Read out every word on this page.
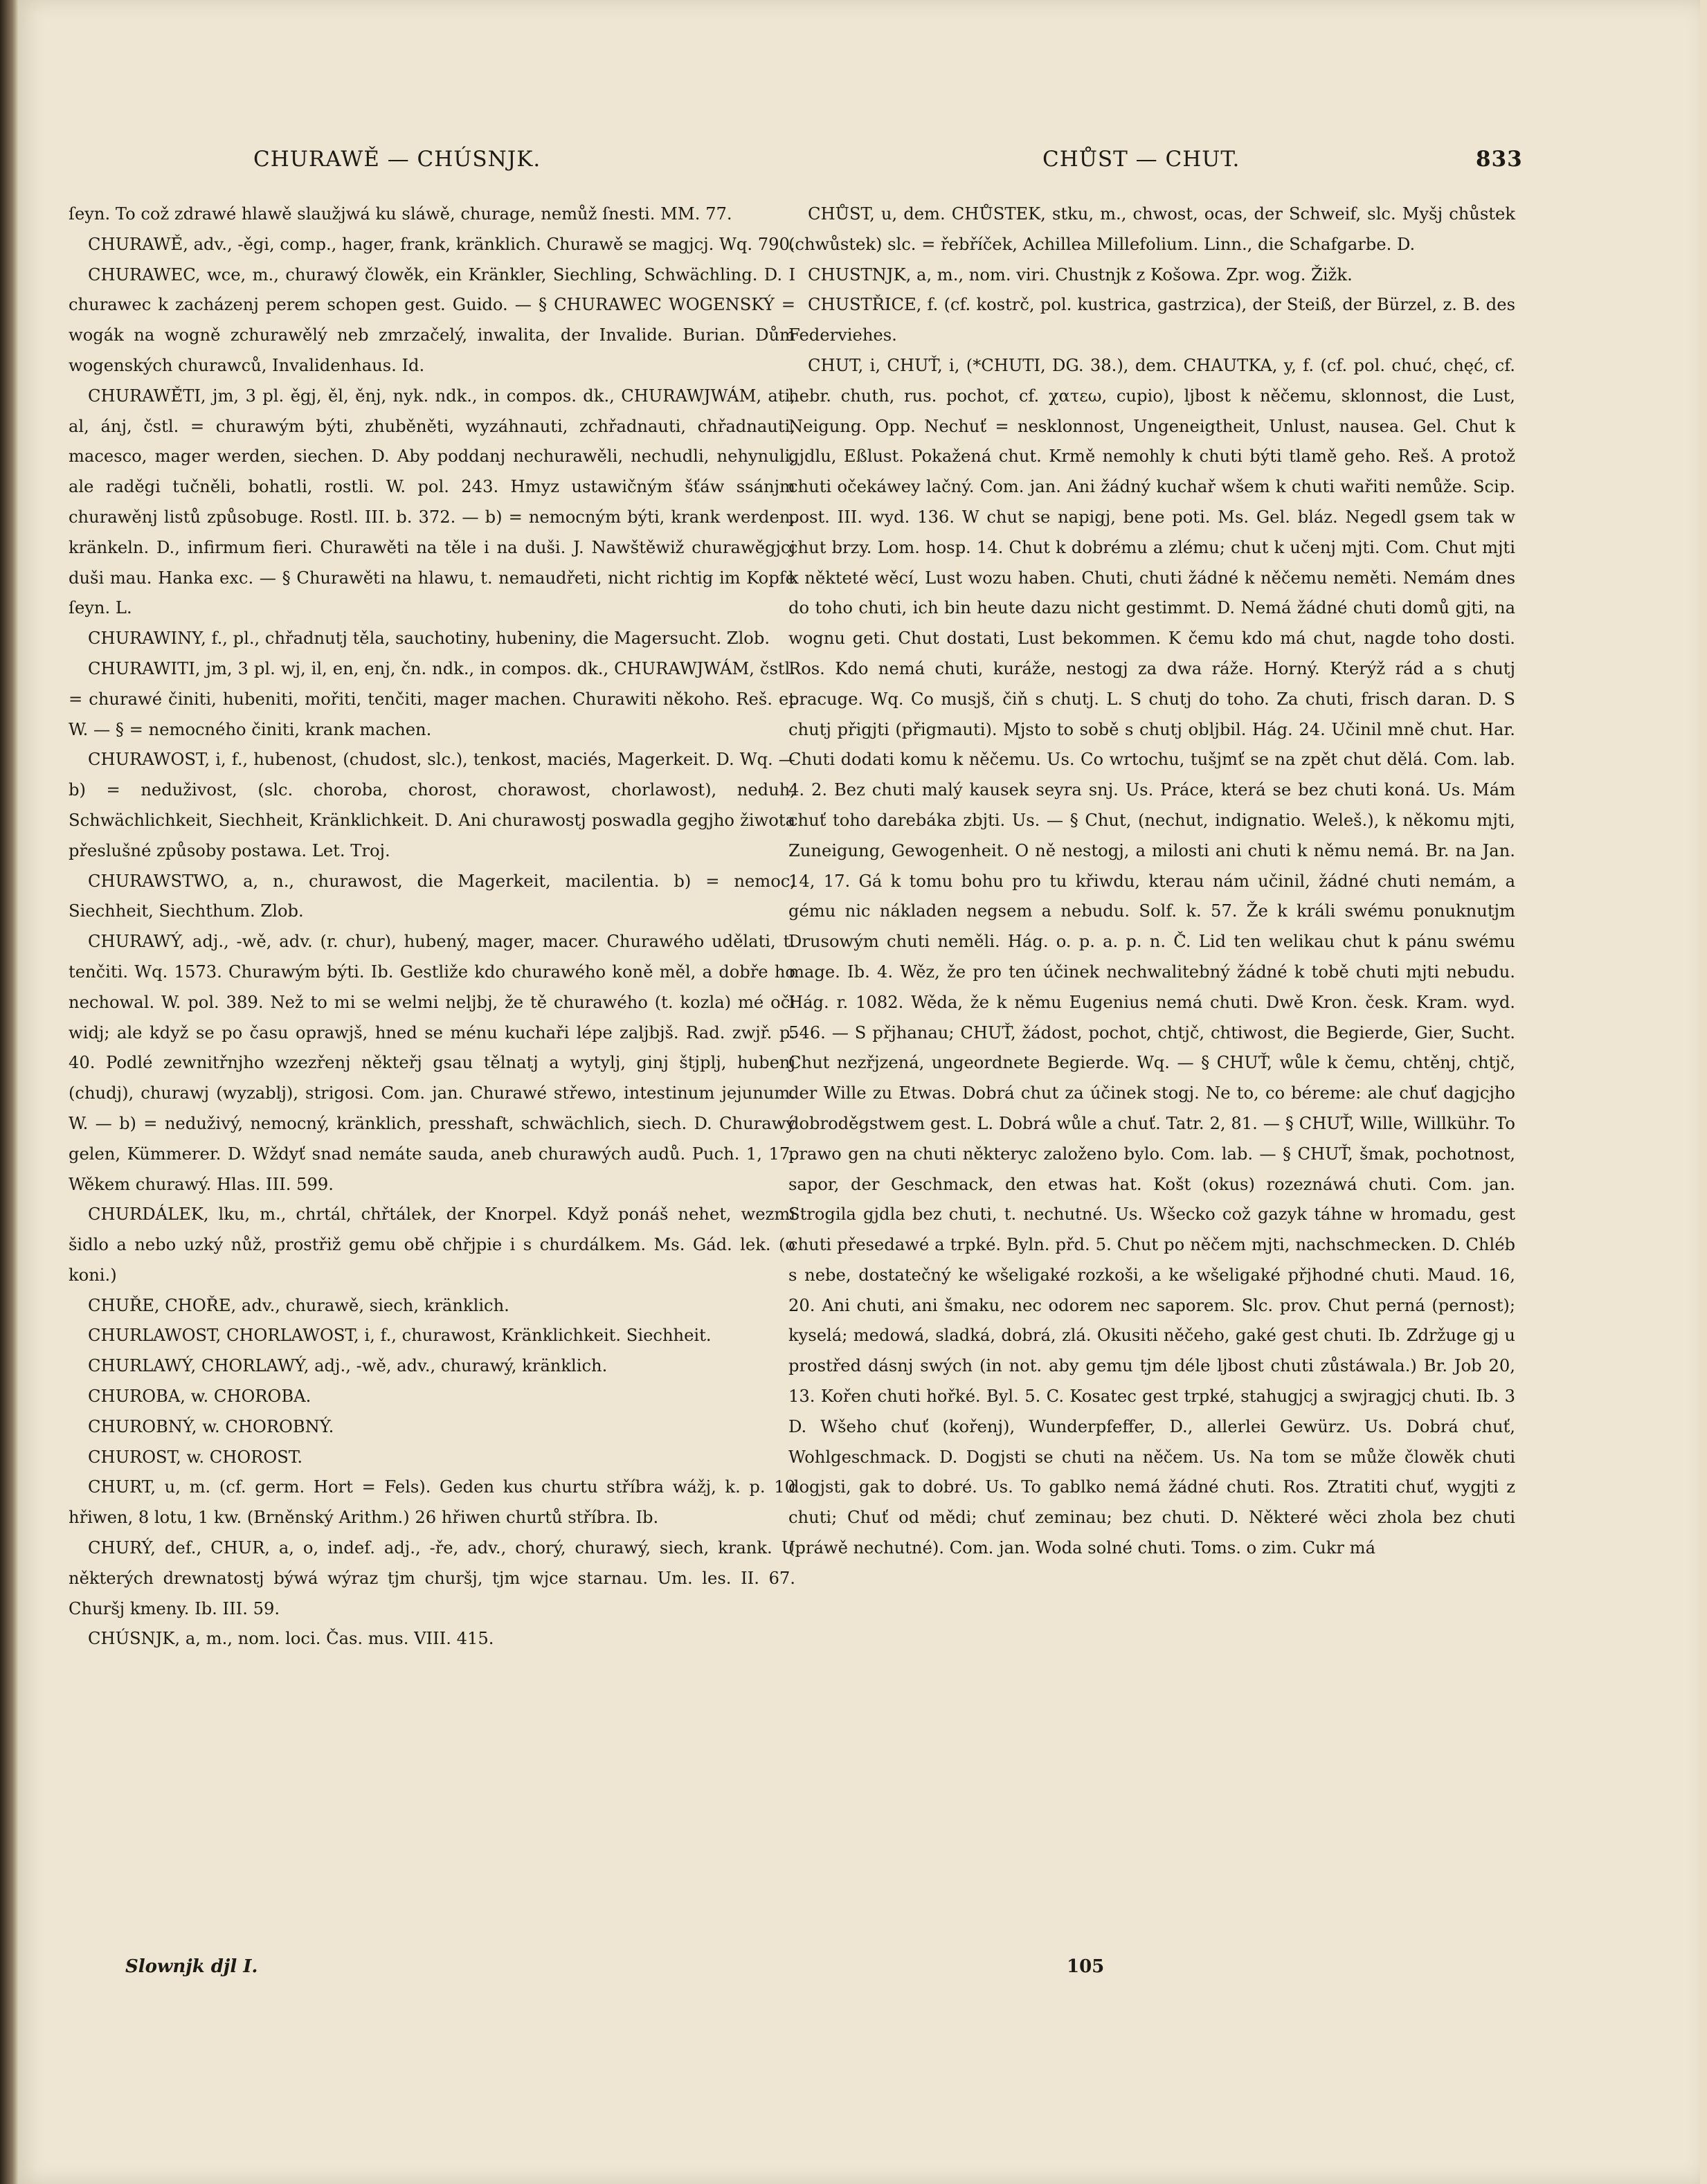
CHURAWĚ — CHÚSNJK.	CHŮST — CHUT.	833

ſeyn. To což zdrawé hlawě slaužjwá ku sláwě, churage, nemůž ſnesti. MM. 77.

CHURAWĚ, adv., -ěgi, comp., hager, frank, kränklich. Churawě se magjcj. Wq. 790.

CHURAWEC, wce, m., churawý člowěk, ein Kränkler, Siechling, Schwächling. D. I churawec k zacházenj perem schopen gest. Guido. — § CHURAWEC WOGENSKÝ = wogák na wogně zchurawělý neb zmrzačelý, inwalita, der Invalide. Burian. Dům wogenských churawců, Invalidenhaus. Id.

CHURAWĚTI, jm, 3 pl. ěgj, ěl, ěnj, nyk. ndk., in compos. dk., CHURAWJWÁM, ati, al, ánj, čstl. = churawým býti, zhuběněti, wyzáhnauti, zchřadnauti, chřadnauti, macesco, mager werden, siechen. D. Aby poddanj nechurawěli, nechudli, nehynuli, ale raděgi tučněli, bohatli, rostli. W. pol. 243. Hmyz ustawičným šťáw ssánjm churawěnj listů způsobuge. Rostl. III. b. 372. — b) = nemocným býti, krank werden, kränkeln. D., infirmum fieri. Churawěti na těle i na duši. J. Nawštěwiž churawěgjcj duši mau. Hanka exc. — § Churawěti na hlawu, t. nemaudřeti, nicht richtig im Kopfe ſeyn. L.

CHURAWINY, f., pl., chřadnutj těla, sauchotiny, hubeniny, die Magersucht. Zlob.

CHURAWITI, jm, 3 pl. wj, il, en, enj, čn. ndk., in compos. dk., CHURAWJWÁM, čstl. = churawé činiti, hubeniti, mořiti, tenčiti, mager machen. Churawiti někoho. Reš. et W. — § = nemocného činiti, krank machen.

CHURAWOST, i, f., hubenost, (chudost, slc.), tenkost, maciés, Magerkeit. D. Wq. — b) = neduživost, (slc. choroba, chorost, chorawost, chorlawost), neduh, Schwächlichkeit, Siechheit, Kränklichkeit. D. Ani churawostj poswadla gegjho žiwota přeslušné způsoby postawa. Let. Troj.

CHURAWSTWO, a, n., churawost, die Magerkeit, macilentia. b) = nemoc, Siechheit, Siechthum. Zlob.

CHURAWÝ, adj., -wě, adv. (r. chur), hubený, mager, macer. Churawého udělati, t. tenčiti. Wq. 1573. Churawým býti. Ib. Gestliže kdo churawého koně měl, a dobře ho nechowal. W. pol. 389. Než to mi se welmi neljbj, že tě churawého (t. kozla) mé oči widj; ale když se po času oprawjš, hned se ménu kuchaři lépe zaljbjš. Rad. zwjř. p. 40. Podlé zewnitřnjho wzezřenj někteřj gsau tělnatj a wytylj, ginj štjplj, hubenj (chudj), churawj (wyzablj), strigosi. Com. jan. Churawé střewo, intestinum jejunum. W. — b) = neduživý, nemocný, kränklich, presshaft, schwächlich, siech. D. Churawý gelen, Kümmerer. D. Wždyť snad nemáte sauda, aneb churawých audů. Puch. 1, 17. Wěkem churawý. Hlas. III. 599.

CHURDÁLEK, lku, m., chrtál, chřtálek, der Knorpel. Když ponáš nehet, wezmi šidlo a nebo uzký nůž, prostřiž gemu obě chřjpie i s churdálkem. Ms. Gád. lek. (o koni.)

CHUŘE, CHOŘE, adv., churawě, siech, kränklich.

CHURLAWOST, CHORLAWOST, i, f., churawost, Kränklichkeit. Siechheit.

CHURLAWÝ, CHORLAWÝ, adj., -wě, adv., churawý, kränklich.

CHUROBA, w. CHOROBA.

CHUROBNÝ, w. CHOROBNÝ.

CHUROST, w. CHOROST.

CHURT, u, m. (cf. germ. Hort = Fels). Geden kus churtu stříbra wážj, k. p. 10 hřiwen, 8 lotu, 1 kw. (Brněnský Arithm.) 26 hřiwen churtů stříbra. Ib.

CHURÝ, def., CHUR, a, o, indef. adj., -ře, adv., chorý, churawý, siech, krank. U některých drewnatostj býwá wýraz tjm churšj, tjm wjce starnau. Um. les. II. 67. Churšj kmeny. Ib. III. 59.

CHÚSNJK, a, m., nom. loci. Čas. mus. VIII. 415.

CHŮST, u, dem. CHŮSTEK, stku, m., chwost, ocas, der Schweif, slc. Myšj chůstek (chwůstek) slc. = řebříček, Achillea Millefolium. Linn., die Schafgarbe. D.

CHUSTNJK, a, m., nom. viri. Chustnjk z Košowa. Zpr. wog. Žižk.

CHUSTŘICE, f. (cf. kostrč, pol. kustrica, gastrzica), der Steiß, der Bürzel, z. B. des Federviehes.

CHUT, i, CHUŤ, i, (*CHUTI, DG. 38.), dem. CHAUTKA, y, f. (cf. pol. chuć, chęć, cf. hebr. chuth, rus. pochot, cf. χατεω, cupio), ljbost k něčemu, sklonnost, die Lust, Neigung. Opp. Nechuť = nesklonnost, Ungeneigtheit, Unlust, nausea. Gel. Chut k gjdlu, Eßlust. Pokažená chut. Krmě nemohly k chuti býti tlamě geho. Reš. A protož chuti očekáwey lačný. Com. jan. Ani žádný kuchař wšem k chuti wařiti nemůže. Scip. post. III. wyd. 136. W chut se napigj, bene poti. Ms. Gel. bláz. Negedl gsem tak w chut brzy. Lom. hosp. 14. Chut k dobrému a zlému; chut k učenj mjti. Com. Chut mjti k někteté wěcí, Lust wozu haben. Chuti, chuti žádné k něčemu neměti. Nemám dnes do toho chuti, ich bin heute dazu nicht gestimmt. D. Nemá žádné chuti domů gjti, na wognu geti. Chut dostati, Lust bekommen. K čemu kdo má chut, nagde toho dosti. Ros. Kdo nemá chuti, kuráže, nestogj za dwa ráže. Horný. Kterýž rád a s chutj pracuge. Wq. Co musjš, čiň s chutj. L. S chutj do toho. Za chuti, frisch daran. D. S chutj přigjti (přigmauti). Mjsto to sobě s chutj obljbil. Hág. 24. Učinil mně chut. Har. Chuti dodati komu k něčemu. Us. Co wrtochu, tušjmť se na zpět chut dělá. Com. lab. 4. 2. Bez chuti malý kausek seyra snj. Us. Práce, která se bez chuti koná. Us. Mám chuť toho darebáka zbjti. Us. — § Chut, (nechut, indignatio. Weleš.), k někomu mjti, Zuneigung, Gewogenheit. O ně nestogj, a milosti ani chuti k němu nemá. Br. na Jan. 14, 17. Gá k tomu bohu pro tu křiwdu, kterau nám učinil, žádné chuti nemám, a gému nic nákladen negsem a nebudu. Solf. k. 57. Že k králi swému ponuknutjm Drusowým chuti neměli. Hág. o. p. a. p. n. Č. Lid ten welikau chut k pánu swému mage. Ib. 4. Wěz, že pro ten účinek nechwalitebný žádné k tobě chuti mjti nebudu. Hág. r. 1082. Wěda, že k němu Eugenius nemá chuti. Dwě Kron. česk. Kram. wyd. 546. — S přjhanau; CHUŤ, žádost, pochot, chtjč, chtiwost, die Begierde, Gier, Sucht. Chut nezřjzená, ungeordnete Begierde. Wq. — § CHUŤ, wůle k čemu, chtěnj, chtjč, der Wille zu Etwas. Dobrá chut za účinek stogj. Ne to, co béreme: ale chuť dagjcjho dobroděgstwem gest. L. Dobrá wůle a chuť. Tatr. 2, 81. — § CHUŤ, Wille, Willkühr. To prawo gen na chuti některyc založeno bylo. Com. lab. — § CHUŤ, šmak, pochotnost, sapor, der Geschmack, den etwas hat. Košt (okus) rozeznáwá chuti. Com. jan. Strogila gjdla bez chuti, t. nechutné. Us. Wšecko což gazyk táhne w hromadu, gest chuti přesedawé a trpké. Byln. přd. 5. Chut po něčem mjti, nachschmecken. D. Chléb s nebe, dostatečný ke wšeligaké rozkoši, a ke wšeligaké přjhodné chuti. Maud. 16, 20. Ani chuti, ani šmaku, nec odorem nec saporem. Slc. prov. Chut perná (pernost); kyselá; medowá, sladká, dobrá, zlá. Okusiti něčeho, gaké gest chuti. Ib. Zdržuge gj u prostřed dásnj swých (in not. aby gemu tjm déle ljbost chuti zůstáwala.) Br. Job 20, 13. Kořen chuti hořké. Byl. 5. C. Kosatec gest trpké, stahugjcj a swjragjcj chuti. Ib. 3 D. Wšeho chuť (kořenj), Wunderpfeffer, D., allerlei Gewürz. Us. Dobrá chuť, Wohlgeschmack. D. Dogjsti se chuti na něčem. Us. Na tom se může člowěk chuti dogjsti, gak to dobré. Us. To gablko nemá žádné chuti. Ros. Ztratiti chuť, wygjti z chuti; Chuť od mědi; chuť zeminau; bez chuti. D. Některé wěci zhola bez chuti (práwě nechutné). Com. jan. Woda solné chuti. Toms. o zim. Cukr má

Slownjk djl I.	105
